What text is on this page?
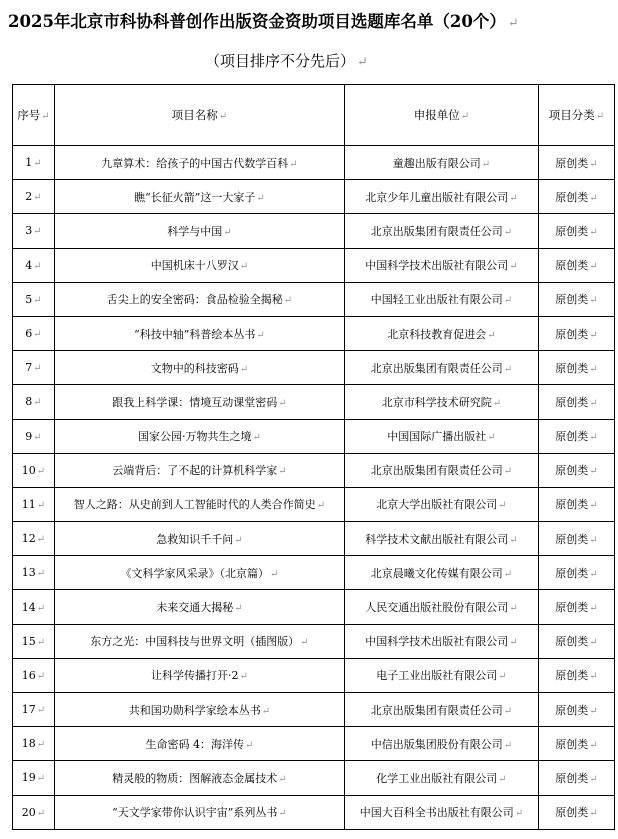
2025年北京市科协科普创作出版资金资助项目选题库名单（20个） ↵
（项目排序不分先后） ↵
序号 ↵	项目名称 ↵	申报单位 ↵	项目分类 ↵
1 ↵	九章算术：给孩子的中国古代数学百科 ↵	童趣出版有限公司 ↵	原创类 ↵
2 ↵	瞧“长征火箭”这一大家子 ↵	北京少年儿童出版社有限公司 ↵	原创类 ↵
3 ↵	科学与中国 ↵	北京出版集团有限责任公司 ↵	原创类 ↵
4 ↵	中国机床十八罗汉 ↵	中国科学技术出版社有限公司 ↵	原创类 ↵
5 ↵	舌尖上的安全密码：食品检验全揭秘 ↵	中国轻工业出版社有限公司 ↵	原创类 ↵
6 ↵	“科技中轴”科普绘本丛书 ↵	北京科技教育促进会 ↵	原创类 ↵
7 ↵	文物中的科技密码 ↵	北京出版集团有限责任公司 ↵	原创类 ↵
8 ↵	跟我上科学课：情境互动课堂密码 ↵	北京市科学技术研究院 ↵	原创类 ↵
9 ↵	国家公园·万物共生之境 ↵	中国国际广播出版社 ↵	原创类 ↵
10 ↵	云端背后：了不起的计算机科学家 ↵	北京出版集团有限责任公司 ↵	原创类 ↵
11 ↵	智人之路：从史前到人工智能时代的人类合作简史 ↵	北京大学出版社有限公司 ↵	原创类 ↵
12 ↵	急救知识千千问 ↵	科学技术文献出版社有限公司 ↵	原创类 ↵
13 ↵	《文科学家风采录》（北京篇） ↵	北京晨曦文化传媒有限公司 ↵	原创类 ↵
14 ↵	未来交通大揭秘 ↵	人民交通出版社股份有限公司 ↵	原创类 ↵
15 ↵	东方之光：中国科技与世界文明（插图版） ↵	中国科学技术出版社有限公司 ↵	原创类 ↵
16 ↵	让科学传播打开·2 ↵	电子工业出版社有限公司 ↵	原创类 ↵
17 ↵	共和国功勋科学家绘本丛书 ↵	北京出版集团有限责任公司 ↵	原创类 ↵
18 ↵	生命密码 4：海洋传 ↵	中信出版集团股份有限公司 ↵	原创类 ↵
19 ↵	精灵般的物质：图解液态金属技术 ↵	化学工业出版社有限公司 ↵	原创类 ↵
20 ↵	“天文学家带你认识宇宙”系列丛书 ↵	中国大百科全书出版社有限公司 ↵	原创类 ↵
